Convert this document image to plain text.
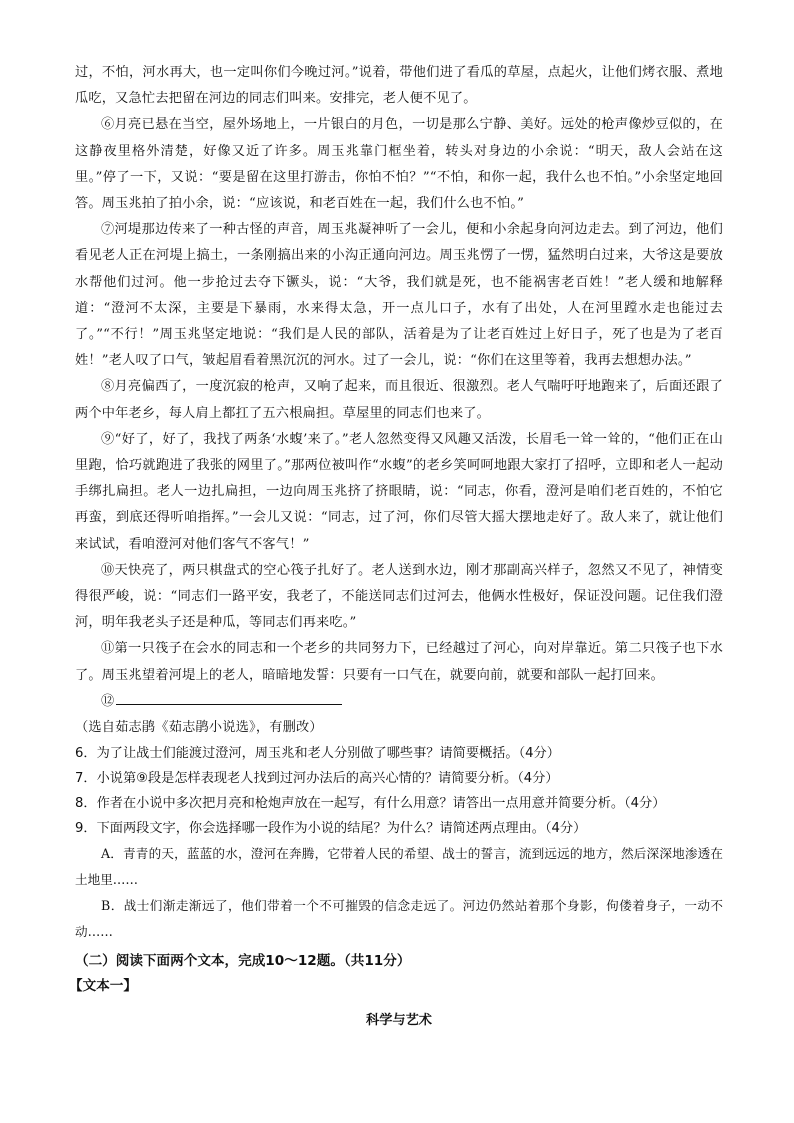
过，不怕，河水再大，也一定叫你们今晚过河。”说着，带他们进了看瓜的草屋，点起火，让他们烤衣服、煮地瓜吃，又急忙去把留在河边的同志们叫来。安排完，老人便不见了。

⑥月亮已悬在当空，屋外场地上，一片银白的月色，一切是那么宁静、美好。远处的枪声像炒豆似的，在这静夜里格外清楚，好像又近了许多。周玉兆靠门框坐着，转头对身边的小余说：“明天，敌人会站在这里。”停了一下，又说：“要是留在这里打游击，你怕不怕？”“不怕，和你一起，我什么也不怕。”小余坚定地回答。周玉兆拍了拍小余，说：“应该说，和老百姓在一起，我们什么也不怕。”

⑦河堤那边传来了一种古怪的声音，周玉兆凝神听了一会儿，便和小余起身向河边走去。到了河边，他们看见老人正在河堤上搞土，一条刚搞出来的小沟正通向河边。周玉兆愣了一愣，猛然明白过来，大爷这是要放水帮他们过河。他一步抢过去夺下镢头，说：“大爷，我们就是死，也不能祸害老百姓！”老人缓和地解释道：“澄河不太深，主要是下暴雨，水来得太急，开一点儿口子，水有了出处，人在河里蹚水走也能过去了。”“不行！”周玉兆坚定地说：“我们是人民的部队，活着是为了让老百姓过上好日子，死了也是为了老百姓！”老人叹了口气，皱起眉看着黑沉沉的河水。过了一会儿，说：“你们在这里等着，我再去想想办法。”

⑧月亮偏西了，一度沉寂的枪声，又响了起来，而且很近、很激烈。老人气喘吁吁地跑来了，后面还跟了两个中年老乡，每人肩上都扛了五六根扁担。草屋里的同志们也来了。

⑨“好了，好了，我找了两条‘水蝮’来了。”老人忽然变得又风趣又活泼，长眉毛一耸一耸的，“他们正在山里跑，恰巧就跑进了我张的网里了。”那两位被叫作“水蝮”的老乡笑呵呵地跟大家打了招呼，立即和老人一起动手绑扎扁担。老人一边扎扁担，一边向周玉兆挤了挤眼睛，说：“同志，你看，澄河是咱们老百姓的，不怕它再蛮，到底还得听咱指挥。”一会儿又说：“同志，过了河，你们尽管大摇大摆地走好了。敌人来了，就让他们来试试，看咱澄河对他们客气不客气！”

⑩天快亮了，两只棋盘式的空心筏子扎好了。老人送到水边，刚才那副高兴样子，忽然又不见了，神情变得很严峻，说：“同志们一路平安，我老了，不能送同志们过河去，他俩水性极好，保证没问题。记住我们澄河，明年我老头子还是种瓜，等同志们再来吃。”

⑪第一只筏子在会水的同志和一个老乡的共同努力下，已经越过了河心，向对岸靠近。第二只筏子也下水了。周玉兆望着河堤上的老人，暗暗地发誓：只要有一口气在，就要向前，就要和部队一起打回来。

⑫

（选自茹志鹃《茹志鹃小说选》，有删改）

6．为了让战士们能渡过澄河，周玉兆和老人分别做了哪些事？请简要概括。（4分）

7．小说第⑨段是怎样表现老人找到过河办法后的高兴心情的？请简要分析。（4分）

8．作者在小说中多次把月亮和枪炮声放在一起写，有什么用意？请答出一点用意并简要分析。（4分）

9．下面两段文字，你会选择哪一段作为小说的结尾？为什么？请简述两点理由。（4分）

A．青青的天，蓝蓝的水，澄河在奔腾，它带着人民的希望、战士的誓言，流到远远的地方，然后深深地渗透在土地里……

B．战士们渐走渐远了，他们带着一个不可摧毁的信念走远了。河边仍然站着那个身影，佝偻着身子，一动不动……

（二）阅读下面两个文本，完成10～12题。（共11分）

【文本一】

科学与艺术
